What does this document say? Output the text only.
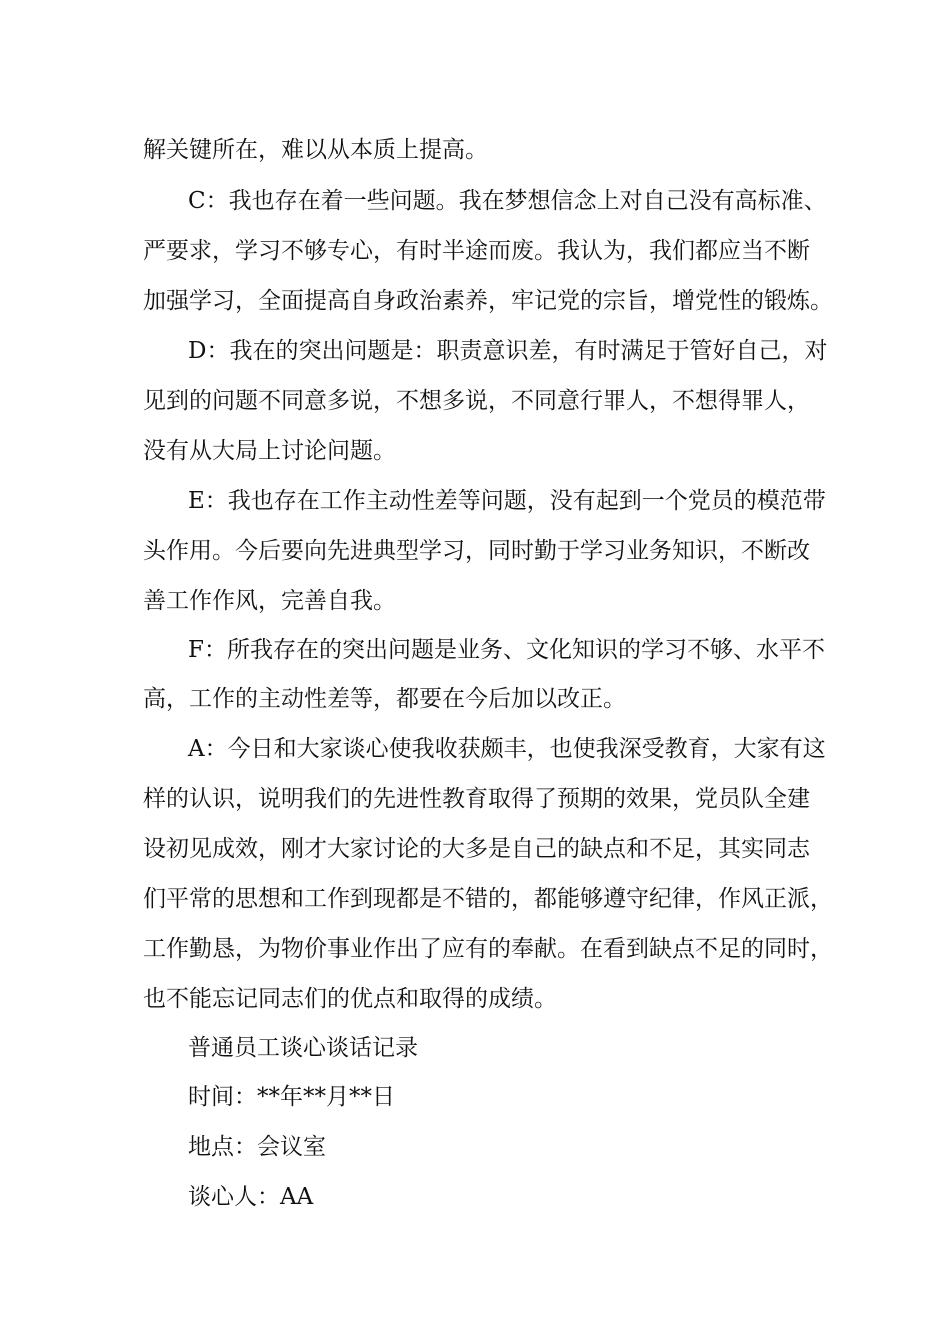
解关键所在，难以从本质上提高。
C：我也存在着一些问题。我在梦想信念上对自己没有高标准、
严要求，学习不够专心，有时半途而废。我认为，我们都应当不断
加强学习，全面提高自身政治素养，牢记党的宗旨，增党性的锻炼。
D：我在的突出问题是：职责意识差，有时满足于管好自己，对
见到的问题不同意多说，不想多说，不同意行罪人，不想得罪人，
没有从大局上讨论问题。
E：我也存在工作主动性差等问题，没有起到一个党员的模范带
头作用。今后要向先进典型学习，同时勤于学习业务知识，不断改
善工作作风，完善自我。
F：所我存在的突出问题是业务、文化知识的学习不够、水平不
高，工作的主动性差等，都要在今后加以改正。
A：今日和大家谈心使我收获颇丰，也使我深受教育，大家有这
样的认识，说明我们的先进性教育取得了预期的效果，党员队全建
设初见成效，刚才大家讨论的大多是自己的缺点和不足，其实同志
们平常的思想和工作到现都是不错的，都能够遵守纪律，作风正派，
工作勤恳，为物价事业作出了应有的奉献。在看到缺点不足的同时，
也不能忘记同志们的优点和取得的成绩。
普通员工谈心谈话记录
时间：**年**月**日
地点：会议室
谈心人：AA
